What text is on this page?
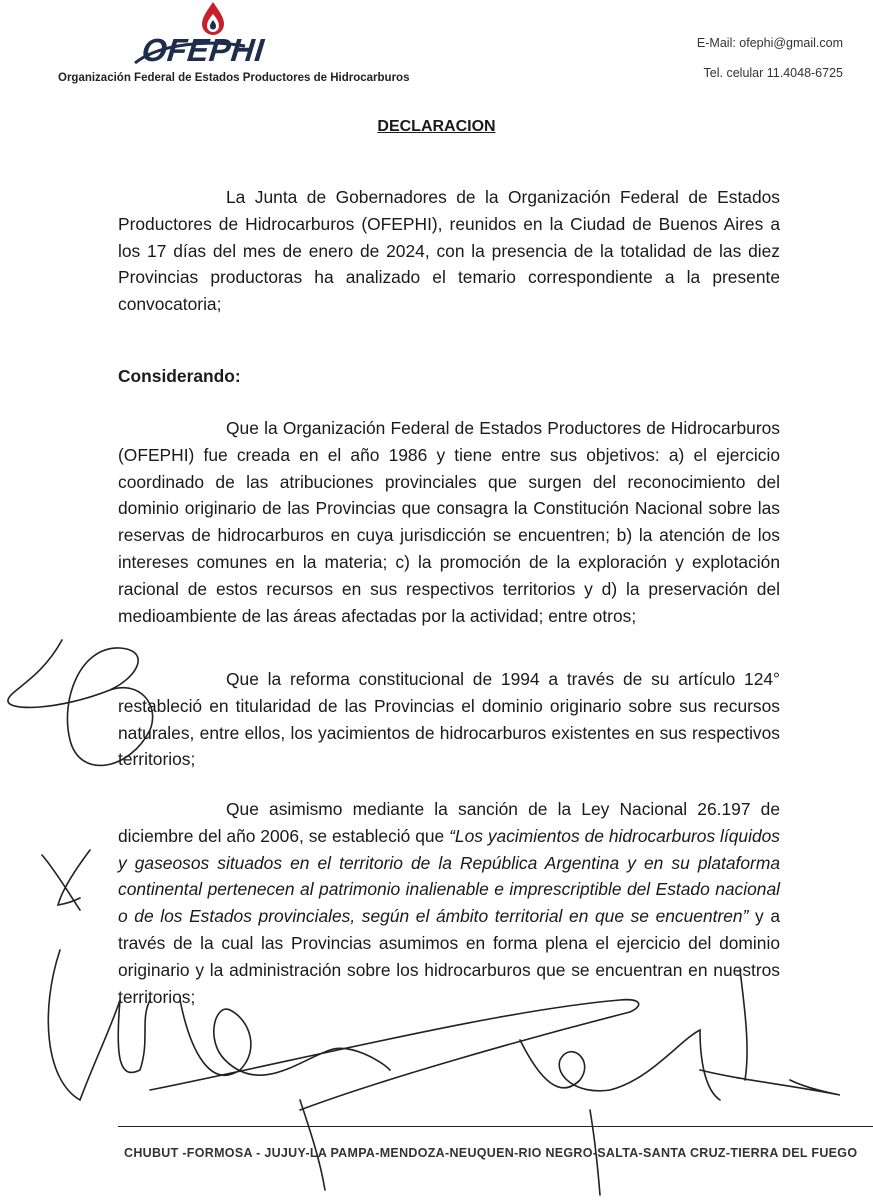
OFEPHI
Organización Federal de Estados Productores de Hidrocarburos
E-Mail: ofephi@gmail.com
Tel. celular 11.4048-6725
DECLARACION

La Junta de Gobernadores de la Organización Federal de Estados Productores de Hidrocarburos (OFEPHI), reunidos en la Ciudad de Buenos Aires a los 17 días del mes de enero de 2024, con la presencia de la totalidad de las diez Provincias productoras ha analizado el temario correspondiente a la presente convocatoria;

Considerando:

Que la Organización Federal de Estados Productores de Hidrocarburos (OFEPHI) fue creada en el año 1986 y tiene entre sus objetivos: a) el ejercicio coordinado de las atribuciones provinciales que surgen del reconocimiento del dominio originario de las Provincias que consagra la Constitución Nacional sobre las reservas de hidrocarburos en cuya jurisdicción se encuentren; b) la atención de los intereses comunes en la materia; c) la promoción de la exploración y explotación racional de estos recursos en sus respectivos territorios y d) la preservación del medioambiente de las áreas afectadas por la actividad; entre otros;

Que la reforma constitucional de 1994 a través de su artículo 124° restableció en titularidad de las Provincias el dominio originario sobre sus recursos naturales, entre ellos, los yacimientos de hidrocarburos existentes en sus respectivos territorios;

Que asimismo mediante la sanción de la Ley Nacional 26.197 de diciembre del año 2006, se estableció que “Los yacimientos de hidrocarburos líquidos y gaseosos situados en el territorio de la República Argentina y en su plataforma continental pertenecen al patrimonio inalienable e imprescriptible del Estado nacional o de los Estados provinciales, según el ámbito territorial en que se encuentren” y a través de la cual las Provincias asumimos en forma plena el ejercicio del dominio originario y la administración sobre los hidrocarburos que se encuentran en nuestros territorios;

CHUBUT -FORMOSA - JUJUY-LA PAMPA-MENDOZA-NEUQUEN-RIO NEGRO-SALTA-SANTA CRUZ-TIERRA DEL FUEGO
